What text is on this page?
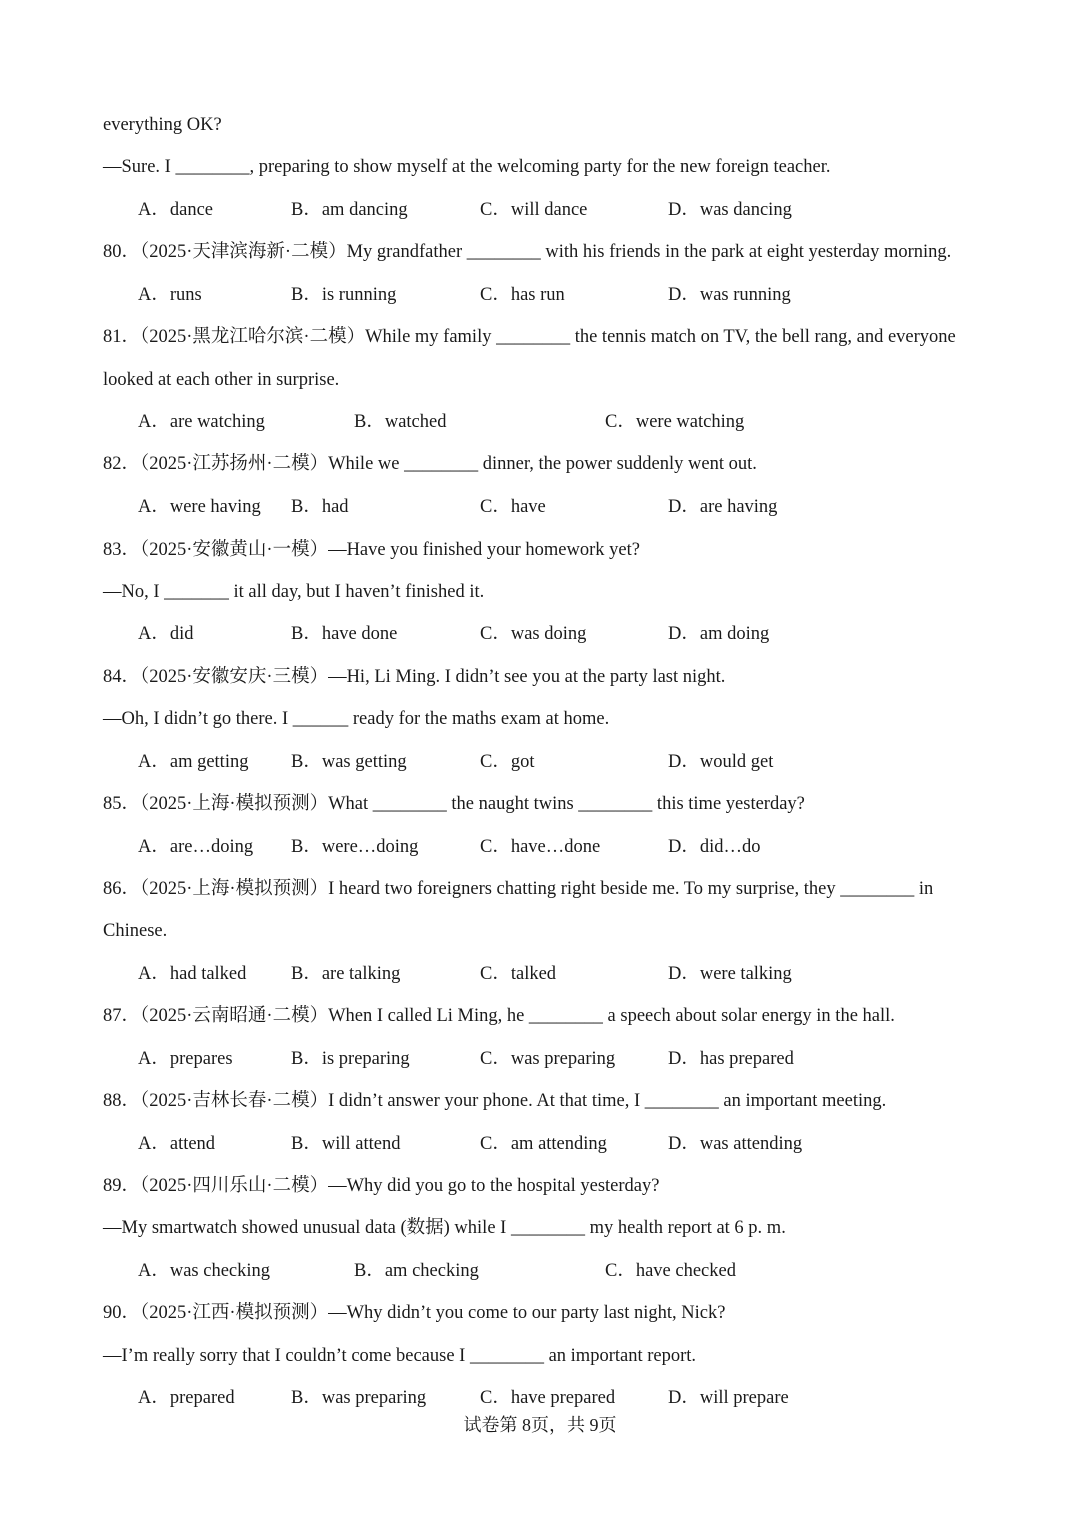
everything OK?
—Sure. I ________, preparing to show myself at the welcoming party for the new foreign teacher.
A．dance	B．am dancing	C．will dance	D．was dancing
80．（2025·天津滨海新·二模）My grandfather ________ with his friends in the park at eight yesterday morning.
A．runs	B．is running	C．has run	D．was running
81．（2025·黑龙江哈尔滨·二模）While my family ________ the tennis match on TV, the bell rang, and everyone
looked at each other in surprise.
A．are watching	B．watched	C．were watching
82．（2025·江苏扬州·二模）While we ________ dinner, the power suddenly went out.
A．were having B．had	C．have	D．are having
83．（2025·安徽黄山·一模）—Have you finished your homework yet?
—No, I _______ it all day, but I haven’t finished it.
A．did	B．have done	C．was doing	D．am doing
84．（2025·安徽安庆·三模）—Hi, Li Ming. I didn’t see you at the party last night.
—Oh, I didn’t go there. I ______ ready for the maths exam at home.
A．am getting B．was getting	C．got	D．would get
85．（2025·上海·模拟预测）What ________ the naught twins ________ this time yesterday?
A．are…doing B．were…doing	C．have…done	D．did…do
86．（2025·上海·模拟预测）I heard two foreigners chatting right beside me. To my surprise, they ________ in
Chinese.
A．had talked B．are talking	C．talked	D．were talking
87．（2025·云南昭通·二模）When I called Li Ming, he ________ a speech about solar energy in the hall.
A．prepares	B．is preparing	C．was preparing	D．has prepared
88．（2025·吉林长春·二模）I didn’t answer your phone. At that time, I ________ an important meeting.
A．attend	B．will attend	C．am attending	D．was attending
89．（2025·四川乐山·二模）—Why did you go to the hospital yesterday?
—My smartwatch showed unusual data (数据) while I ________ my health report at 6 p. m.
A．was checking	B．am checking	C．have checked
90．（2025·江西·模拟预测）—Why didn’t you come to our party last night, Nick?
—I’m really sorry that I couldn’t come because I ________ an important report.
A．prepared	B．was preparing	C．have prepared	D．will prepare
试卷第 8页，共 9页
